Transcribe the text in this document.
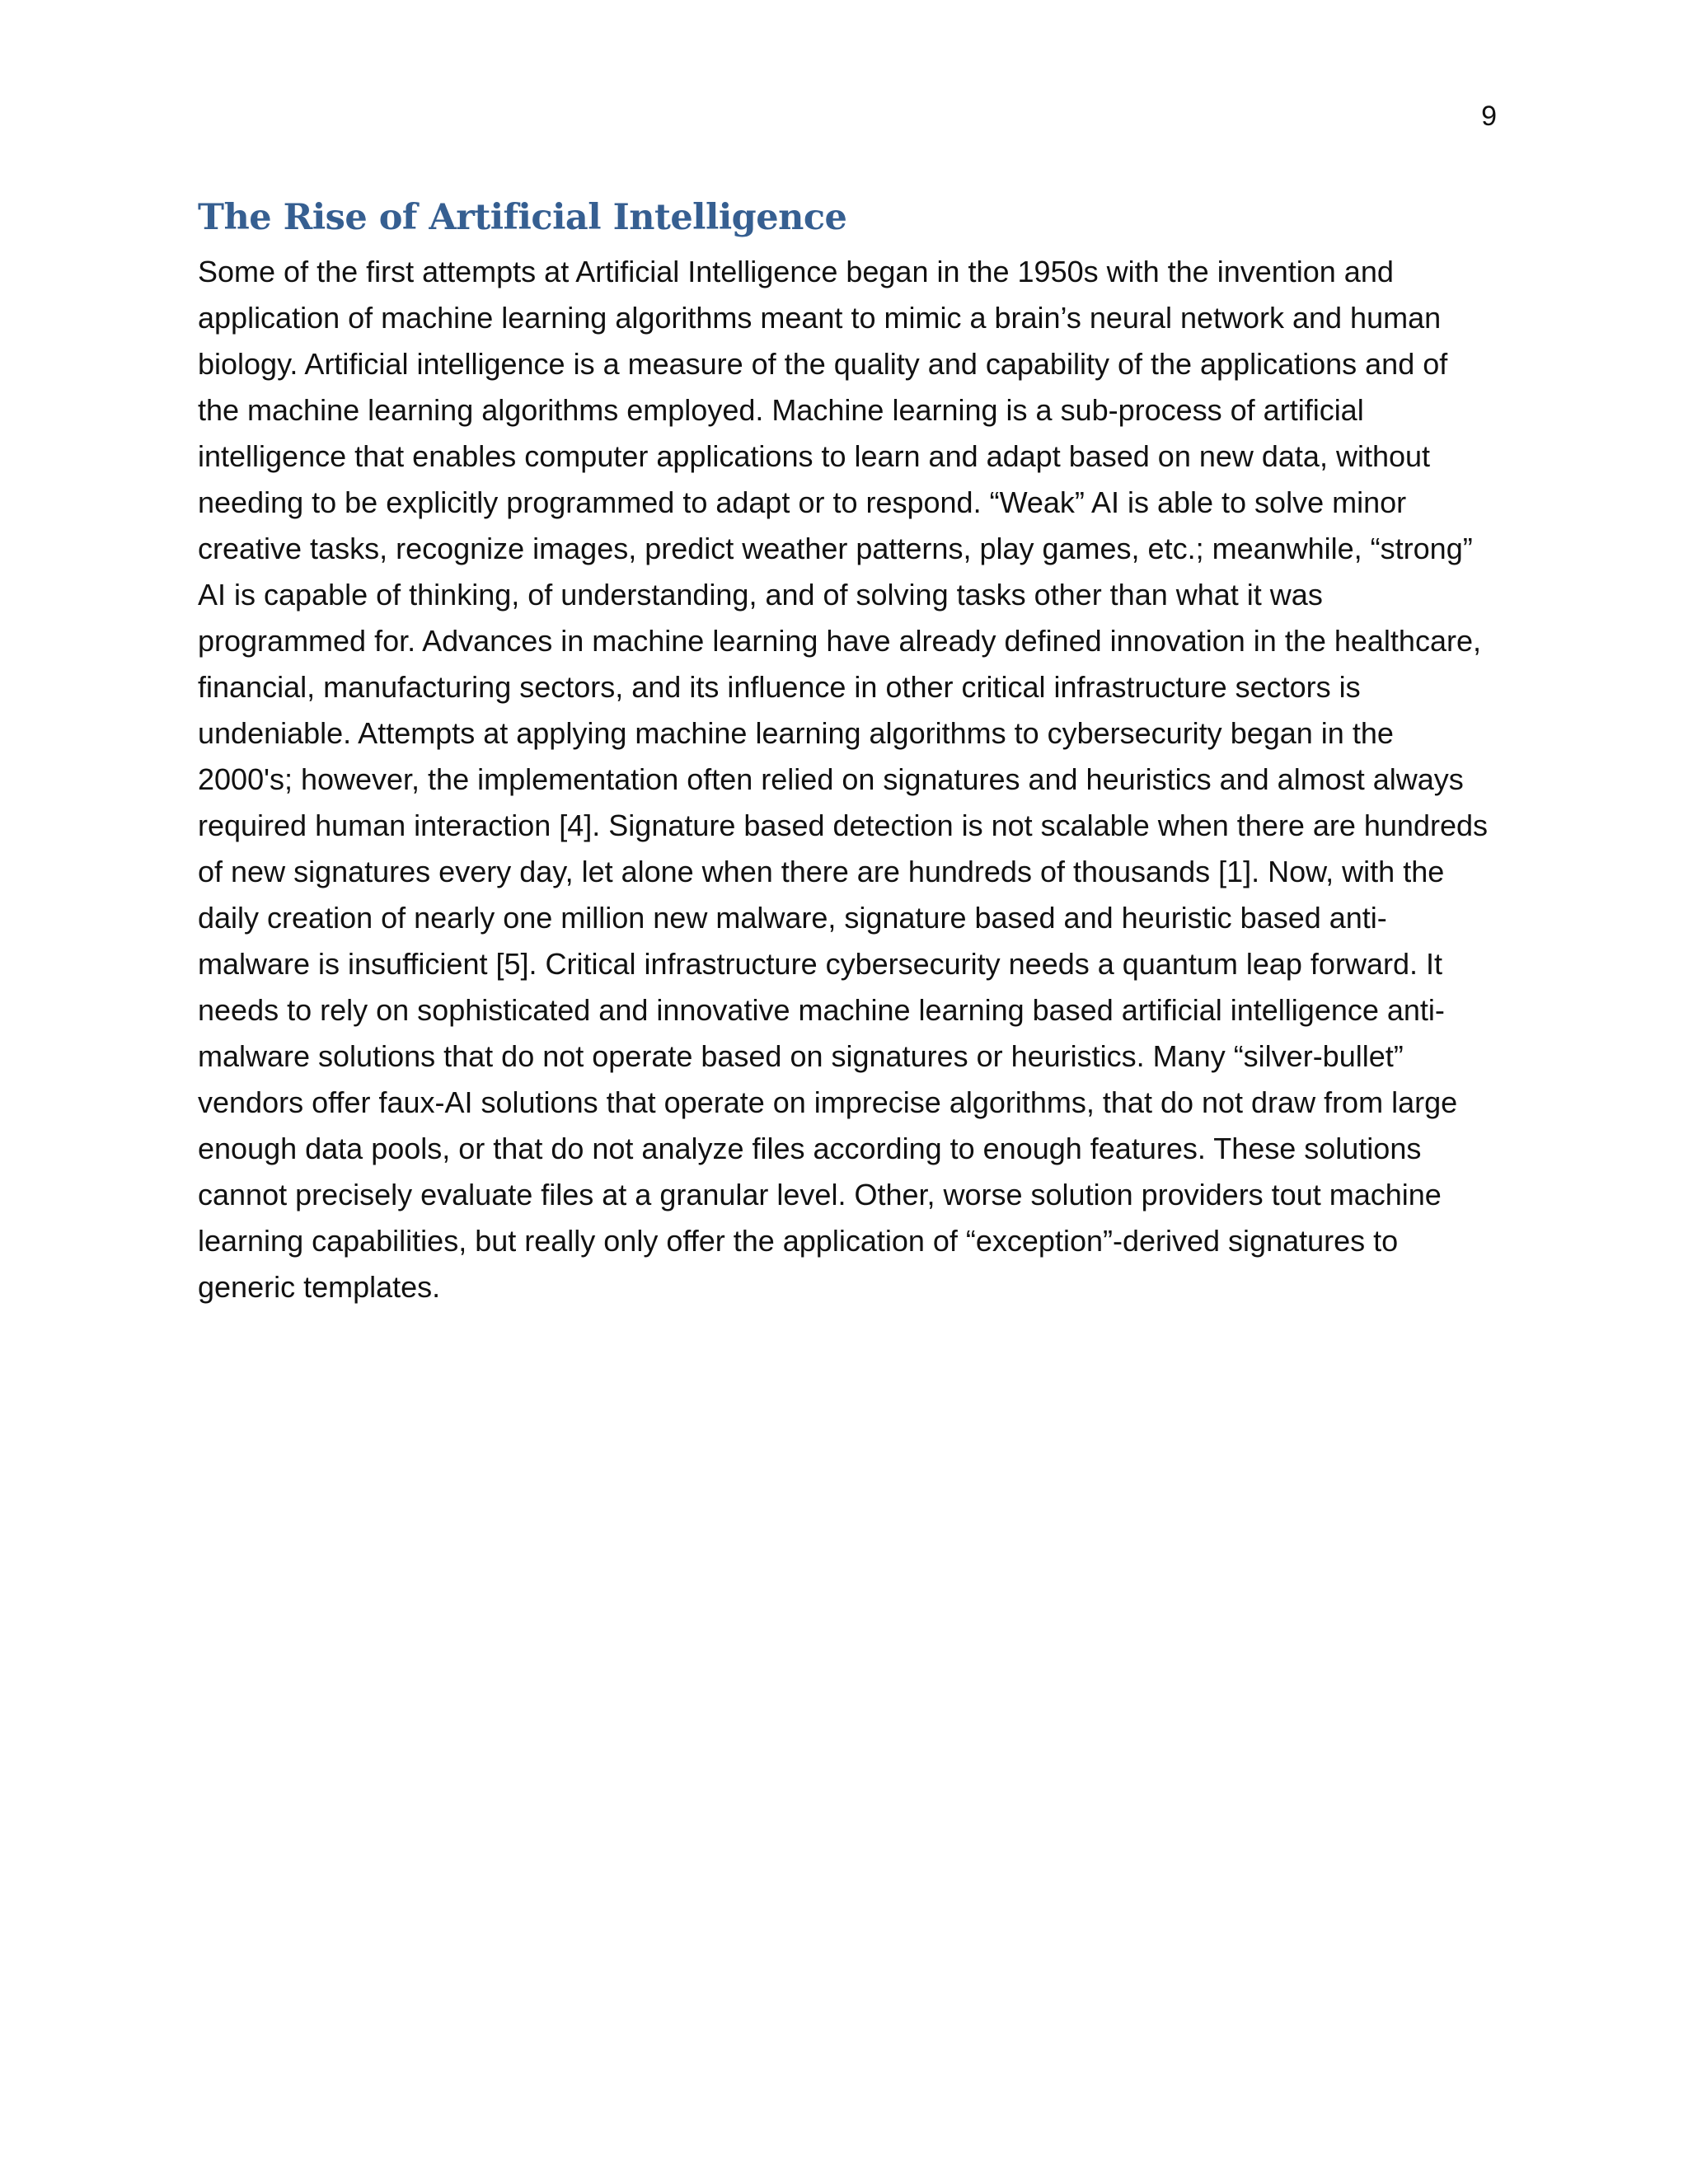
9

The Rise of Artificial Intelligence

Some of the first attempts at Artificial Intelligence began in the 1950s with the invention and application of machine learning algorithms meant to mimic a brain’s neural network and human biology. Artificial intelligence is a measure of the quality and capability of the applications and of the machine learning algorithms employed. Machine learning is a sub-process of artificial intelligence that enables computer applications to learn and adapt based on new data, without needing to be explicitly programmed to adapt or to respond. “Weak” AI is able to solve minor creative tasks, recognize images, predict weather patterns, play games, etc.; meanwhile, “strong” AI is capable of thinking, of understanding, and of solving tasks other than what it was programmed for. Advances in machine learning have already defined innovation in the healthcare, financial, manufacturing sectors, and its influence in other critical infrastructure sectors is undeniable. Attempts at applying machine learning algorithms to cybersecurity began in the 2000's; however, the implementation often relied on signatures and heuristics and almost always required human interaction [4]. Signature based detection is not scalable when there are hundreds of new signatures every day, let alone when there are hundreds of thousands [1]. Now, with the daily creation of nearly one million new malware, signature based and heuristic based anti-malware is insufficient [5]. Critical infrastructure cybersecurity needs a quantum leap forward. It needs to rely on sophisticated and innovative machine learning based artificial intelligence anti-malware solutions that do not operate based on signatures or heuristics. Many “silver-bullet” vendors offer faux-AI solutions that operate on imprecise algorithms, that do not draw from large enough data pools, or that do not analyze files according to enough features. These solutions cannot precisely evaluate files at a granular level. Other, worse solution providers tout machine learning capabilities, but really only offer the application of “exception”-derived signatures to generic templates.
